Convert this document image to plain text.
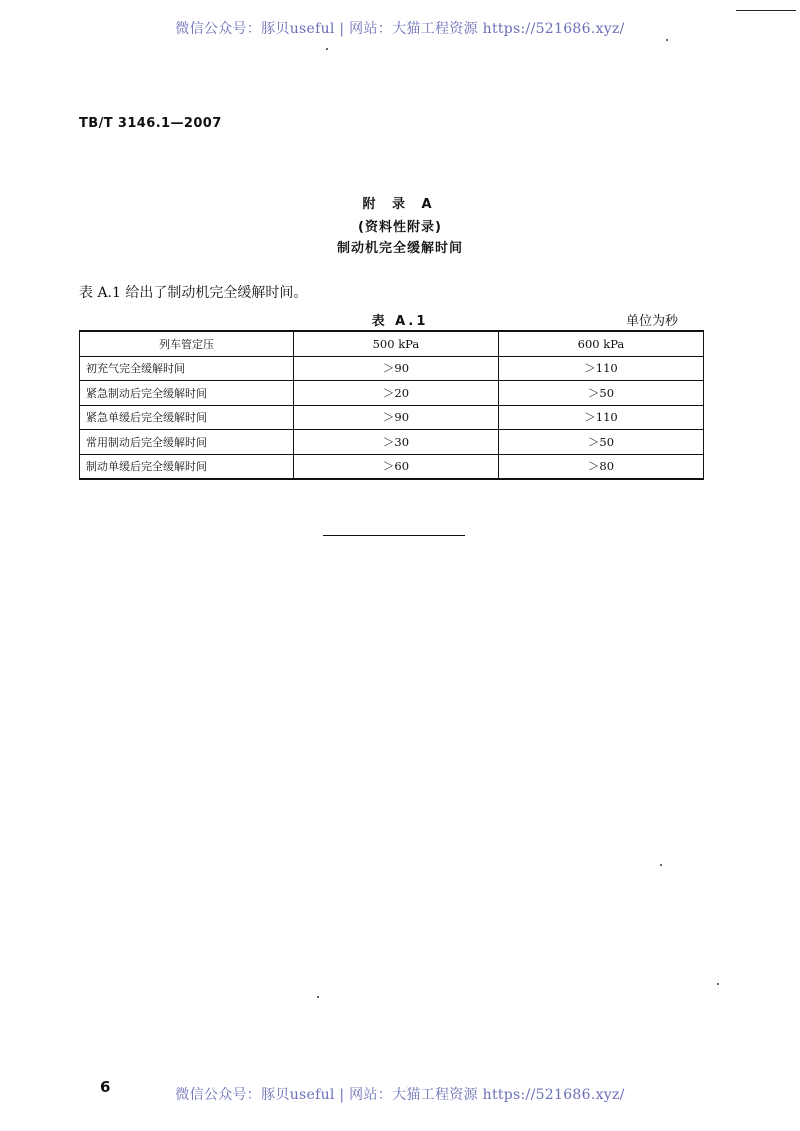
微信公众号：豚贝useful | 网站：大猫工程资源 https://521686.xyz/
TB/T 3146.1—2007
附 录 A
(资料性附录)
制动机完全缓解时间
表 A.1 给出了制动机完全缓解时间。
表 A.1	单位为秒
列车管定压	500 kPa	600 kPa
初充气完全缓解时间	＞90	＞110
紧急制动后完全缓解时间	＞20	＞50
紧急单缓后完全缓解时间	＞90	＞110
常用制动后完全缓解时间	＞30	＞50
制动单缓后完全缓解时间	＞60	＞80
6	微信公众号：豚贝useful | 网站：大猫工程资源 https://521686.xyz/
